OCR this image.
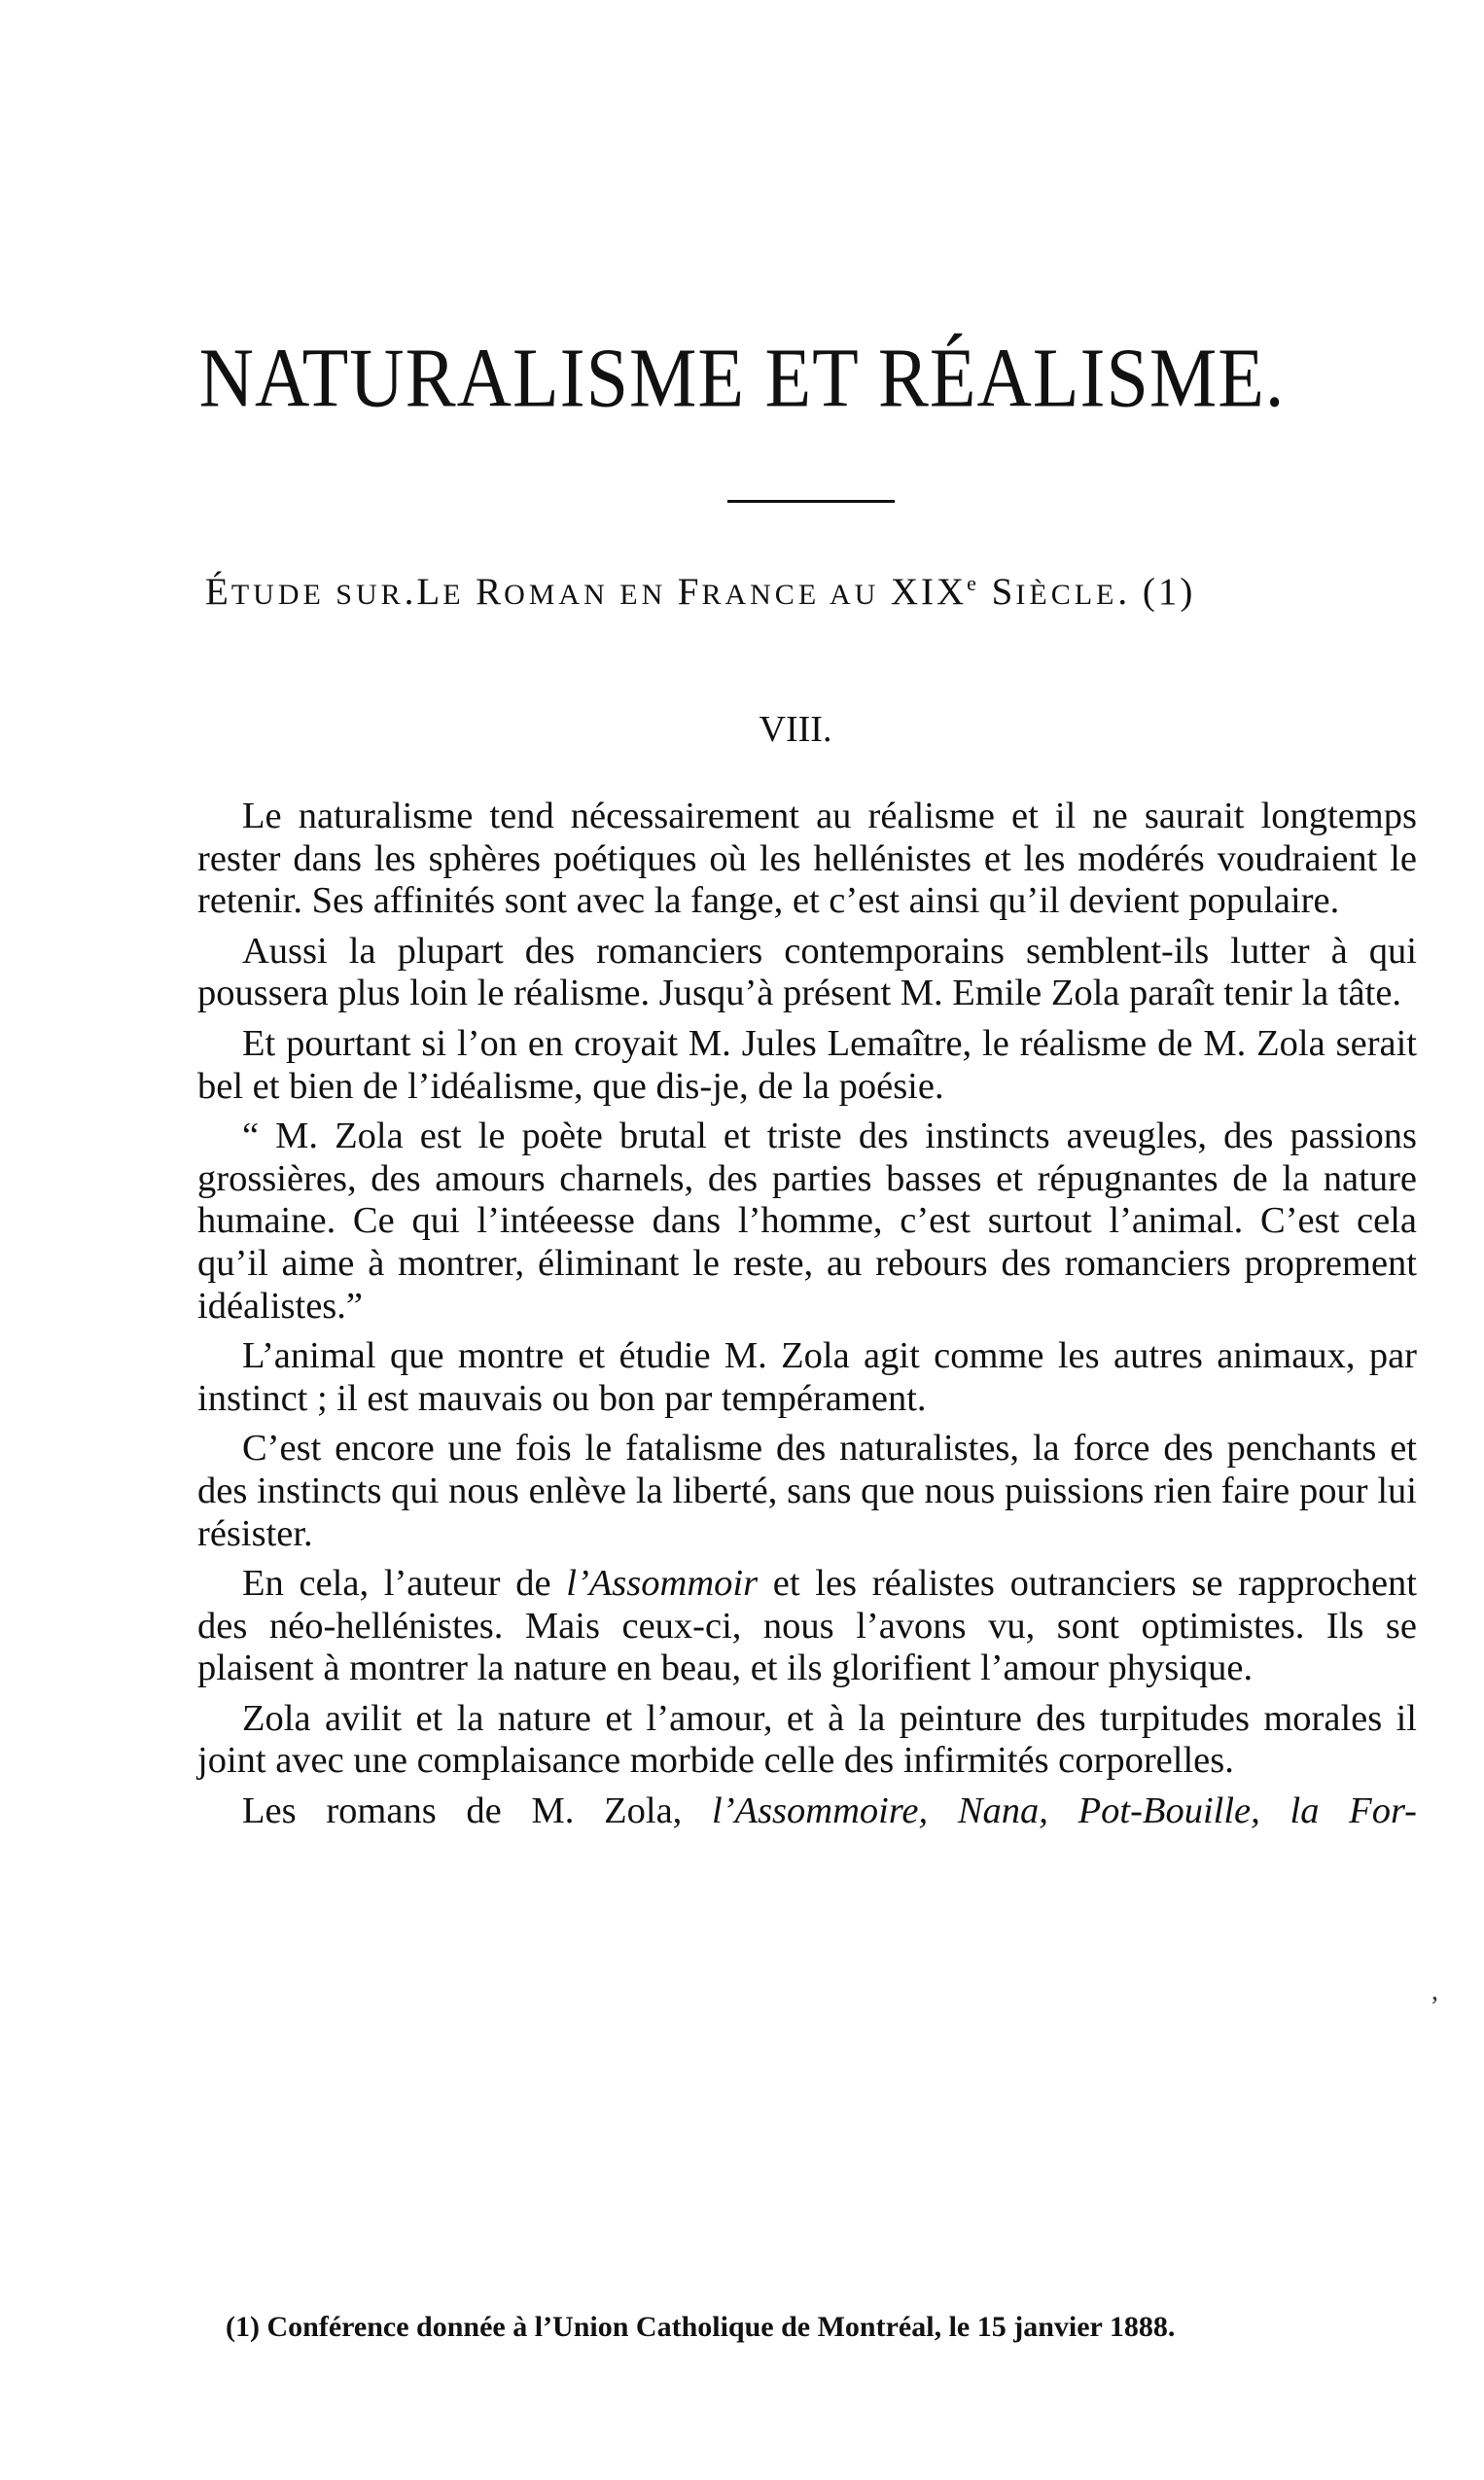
NATURALISME ET RÉALISME.
ÉTUDE SUR.LE ROMAN EN FRANCE AU XIXe SIÈCLE. (1)
VIII.

Le naturalisme tend nécessairement au réalisme et il ne saurait longtemps rester dans les sphères poétiques où les hellénistes et les modérés voudraient le retenir. Ses affinités sont avec la fange, et c’est ainsi qu’il devient populaire.

Aussi la plupart des romanciers contemporains semblent-ils lutter à qui poussera plus loin le réalisme. Jusqu’à présent M. Emile Zola paraît tenir la tâte.

Et pourtant si l’on en croyait M. Jules Lemaître, le réalisme de M. Zola serait bel et bien de l’idéalisme, que dis-je, de la poésie.

“ M. Zola est le poète brutal et triste des instincts aveugles, des passions grossières, des amours charnels, des parties basses et répugnantes de la nature humaine. Ce qui l’intéeesse dans l’homme, c’est surtout l’animal. C’est cela qu’il aime à montrer, éliminant le reste, au rebours des romanciers proprement idéalistes.”

L’animal que montre et étudie M. Zola agit comme les autres animaux, par instinct ; il est mauvais ou bon par tempérament.

C’est encore une fois le fatalisme des naturalistes, la force des penchants et des instincts qui nous enlève la liberté, sans que nous puissions rien faire pour lui résister.

En cela, l’auteur de l’Assommoir et les réalistes outranciers se rapprochent des néo-hellénistes. Mais ceux-ci, nous l’avons vu, sont optimistes. Ils se plaisent à montrer la nature en beau, et ils glorifient l’amour physique.

Zola avilit et la nature et l’amour, et à la peinture des turpitudes morales il joint avec une complaisance morbide celle des infirmités corporelles.

Les romans de M. Zola, l’Assommoire, Nana, Pot-Bouille, la For-

(1) Conférence donnée à l’Union Catholique de Montréal, le 15 janvier 1888.
,
